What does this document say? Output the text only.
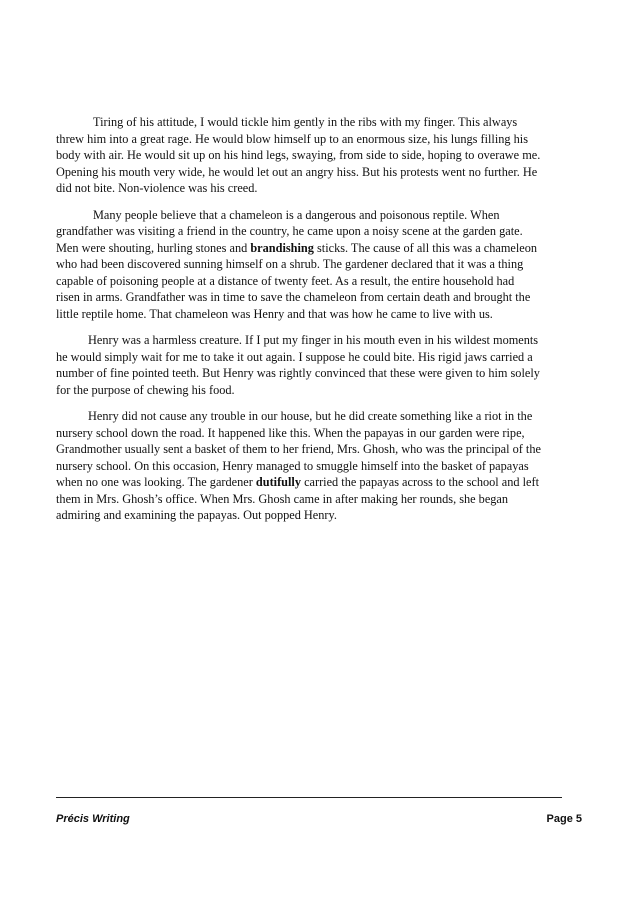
Tiring of his attitude, I would tickle him gently in the ribs with my finger. This always threw him into a great rage. He would blow himself up to an enormous size, his lungs filling his body with air. He would sit up on his hind legs, swaying, from side to side, hoping to overawe me. Opening his mouth very wide, he would let out an angry hiss. But his protests went no further. He did not bite. Non-violence was his creed.

Many people believe that a chameleon is a dangerous and poisonous reptile. When grandfather was visiting a friend in the country, he came upon a noisy scene at the garden gate. Men were shouting, hurling stones and brandishing sticks. The cause of all this was a chameleon who had been discovered sunning himself on a shrub. The gardener declared that it was a thing capable of poisoning people at a distance of twenty feet. As a result, the entire household had risen in arms. Grandfather was in time to save the chameleon from certain death and brought the little reptile home. That chameleon was Henry and that was how he came to live with us.

Henry was a harmless creature. If I put my finger in his mouth even in his wildest moments he would simply wait for me to take it out again. I suppose he could bite. His rigid jaws carried a number of fine pointed teeth. But Henry was rightly convinced that these were given to him solely for the purpose of chewing his food.

Henry did not cause any trouble in our house, but he did create something like a riot in the nursery school down the road. It happened like this. When the papayas in our garden were ripe, Grandmother usually sent a basket of them to her friend, Mrs. Ghosh, who was the principal of the nursery school. On this occasion, Henry managed to smuggle himself into the basket of papayas when no one was looking. The gardener dutifully carried the papayas across to the school and left them in Mrs. Ghosh’s office. When Mrs. Ghosh came in after making her rounds, she began admiring and examining the papayas. Out popped Henry.

Précis Writing	Page 5
